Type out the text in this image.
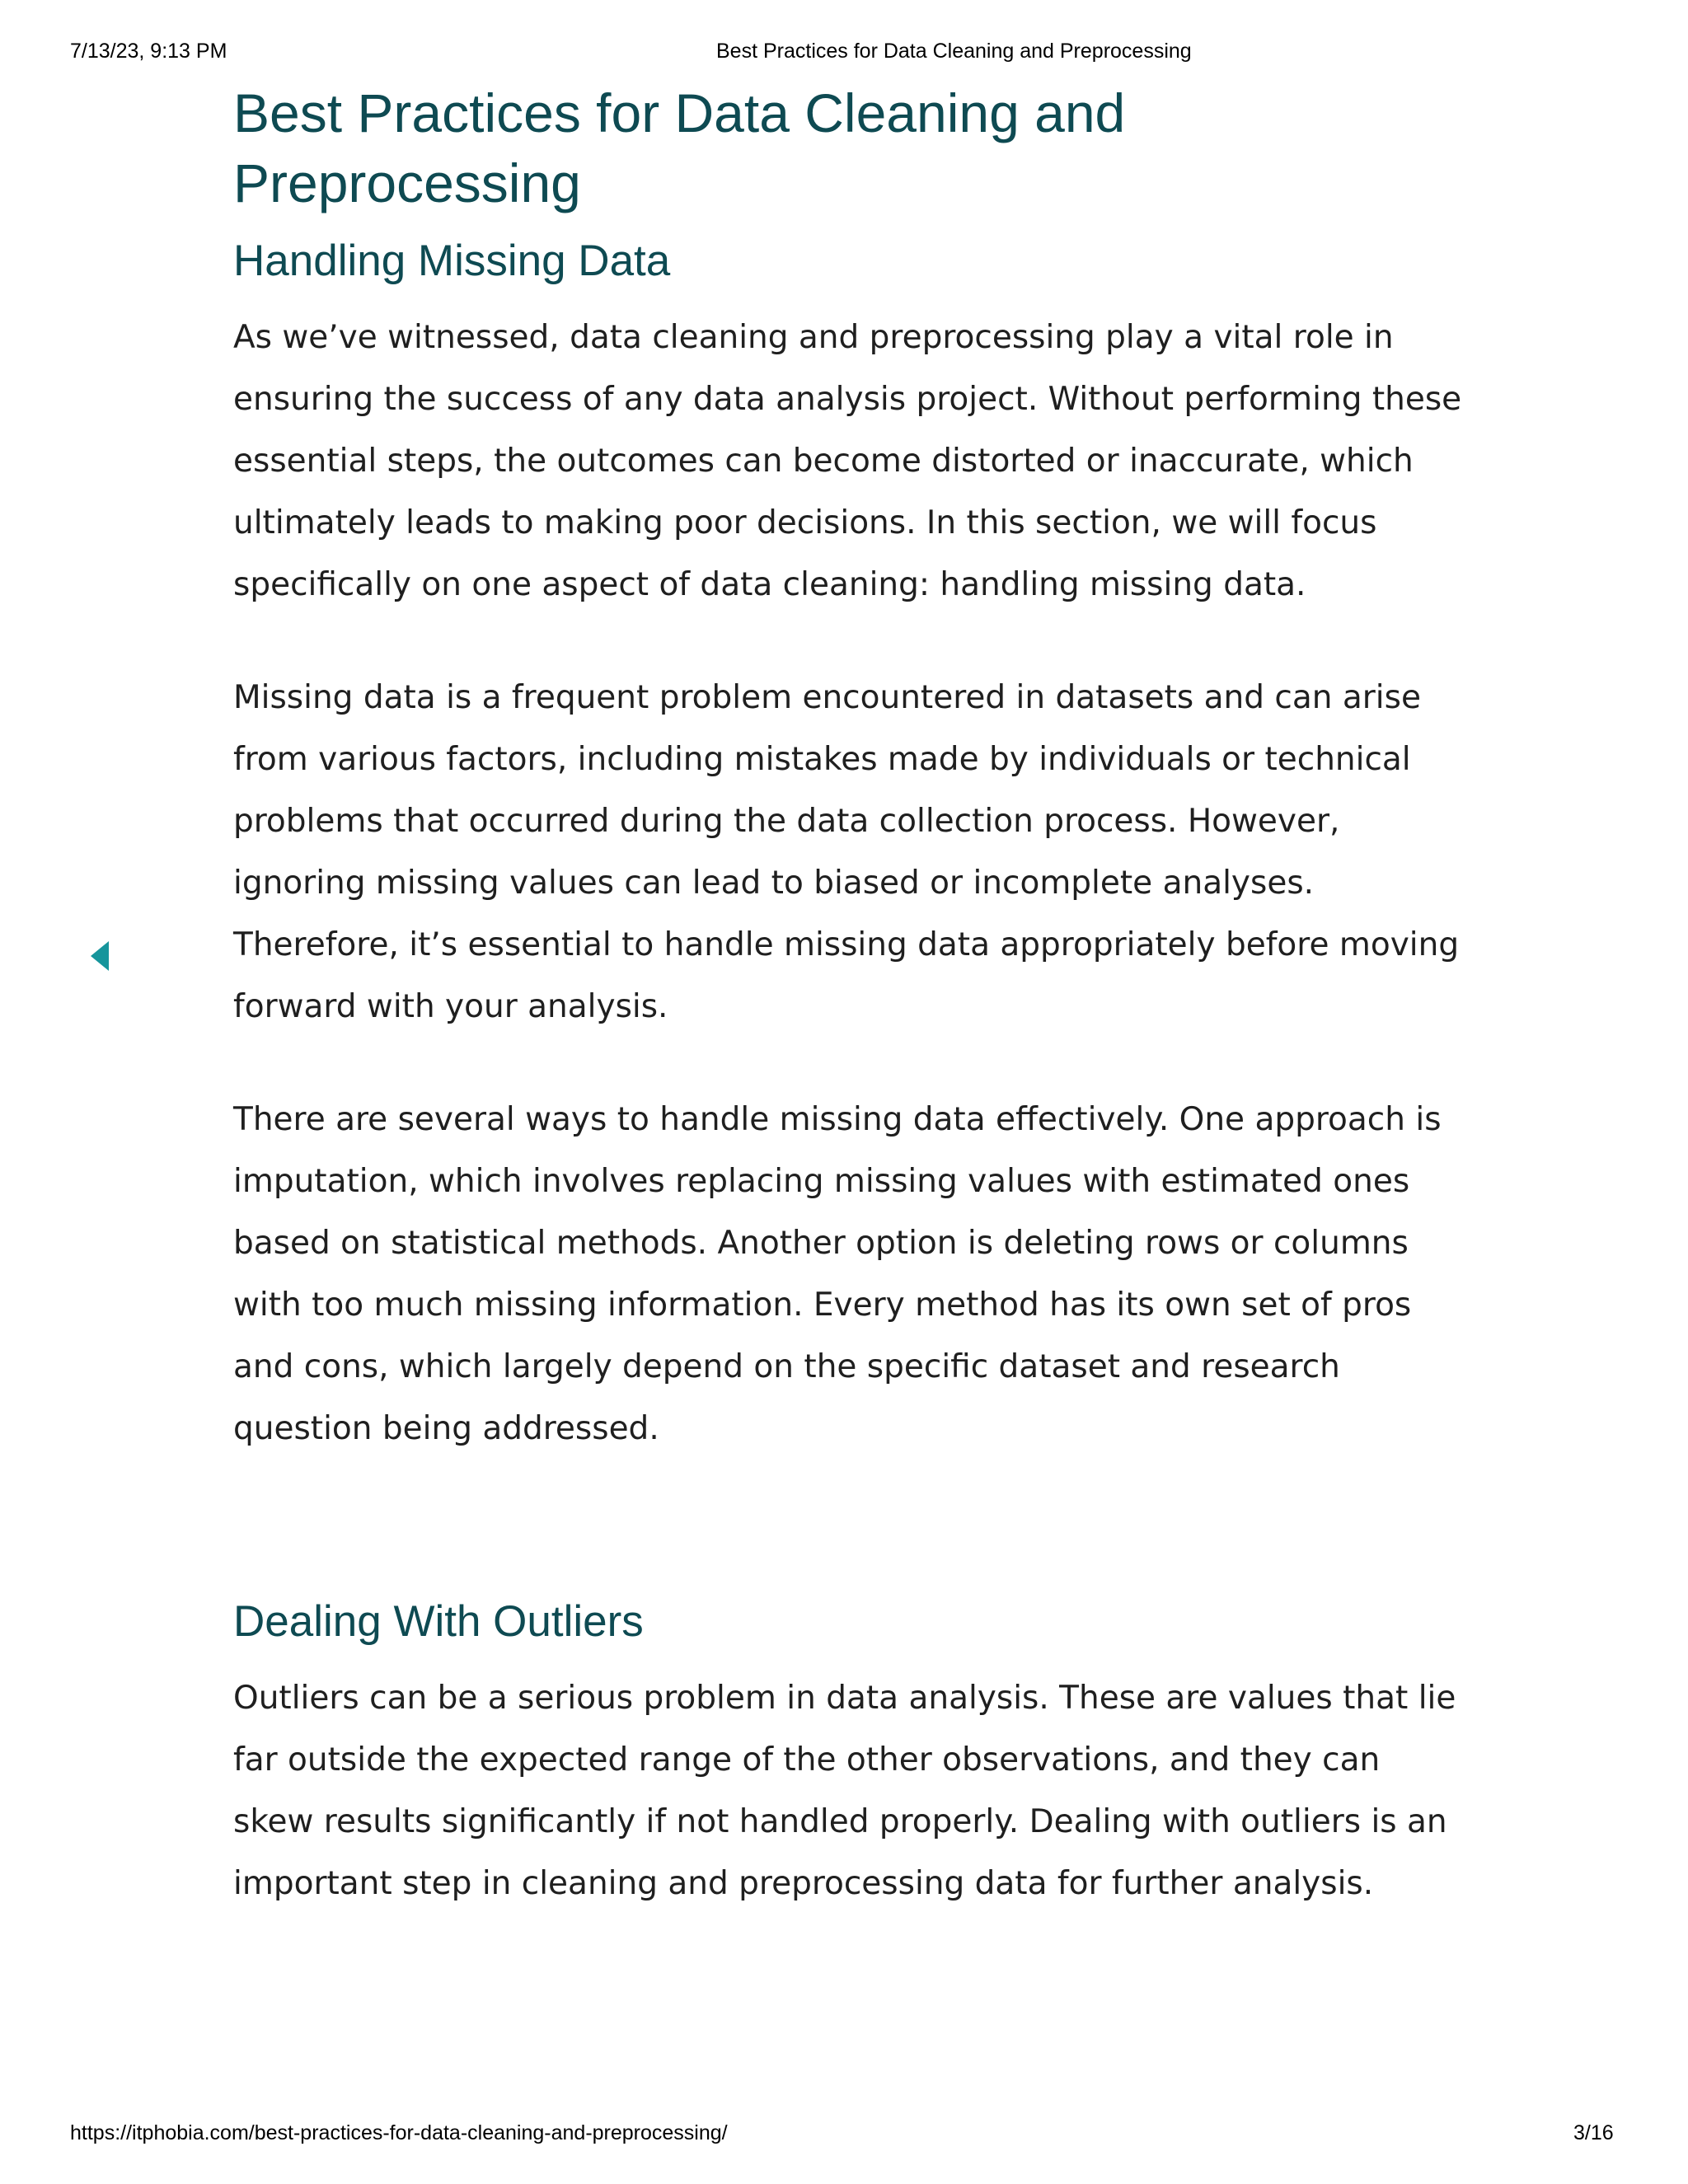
7/13/23, 9:13 PM	Best Practices for Data Cleaning and Preprocessing
Best Practices for Data Cleaning and Preprocessing
Handling Missing Data

As we’ve witnessed, data cleaning and preprocessing play a vital role in ensuring the success of any data analysis project. Without performing these essential steps, the outcomes can become distorted or inaccurate, which ultimately leads to making poor decisions. In this section, we will focus specifically on one aspect of data cleaning: handling missing data.

Missing data is a frequent problem encountered in datasets and can arise from various factors, including mistakes made by individuals or technical problems that occurred during the data collection process. However, ignoring missing values can lead to biased or incomplete analyses. Therefore, it’s essential to handle missing data appropriately before moving forward with your analysis.

There are several ways to handle missing data effectively. One approach is imputation, which involves replacing missing values with estimated ones based on statistical methods. Another option is deleting rows or columns with too much missing information. Every method has its own set of pros and cons, which largely depend on the specific dataset and research question being addressed.

Dealing With Outliers

Outliers can be a serious problem in data analysis. These are values that lie far outside the expected range of the other observations, and they can skew results significantly if not handled properly. Dealing with outliers is an important step in cleaning and preprocessing data for further analysis.

https://itphobia.com/best-practices-for-data-cleaning-and-preprocessing/	3/16
